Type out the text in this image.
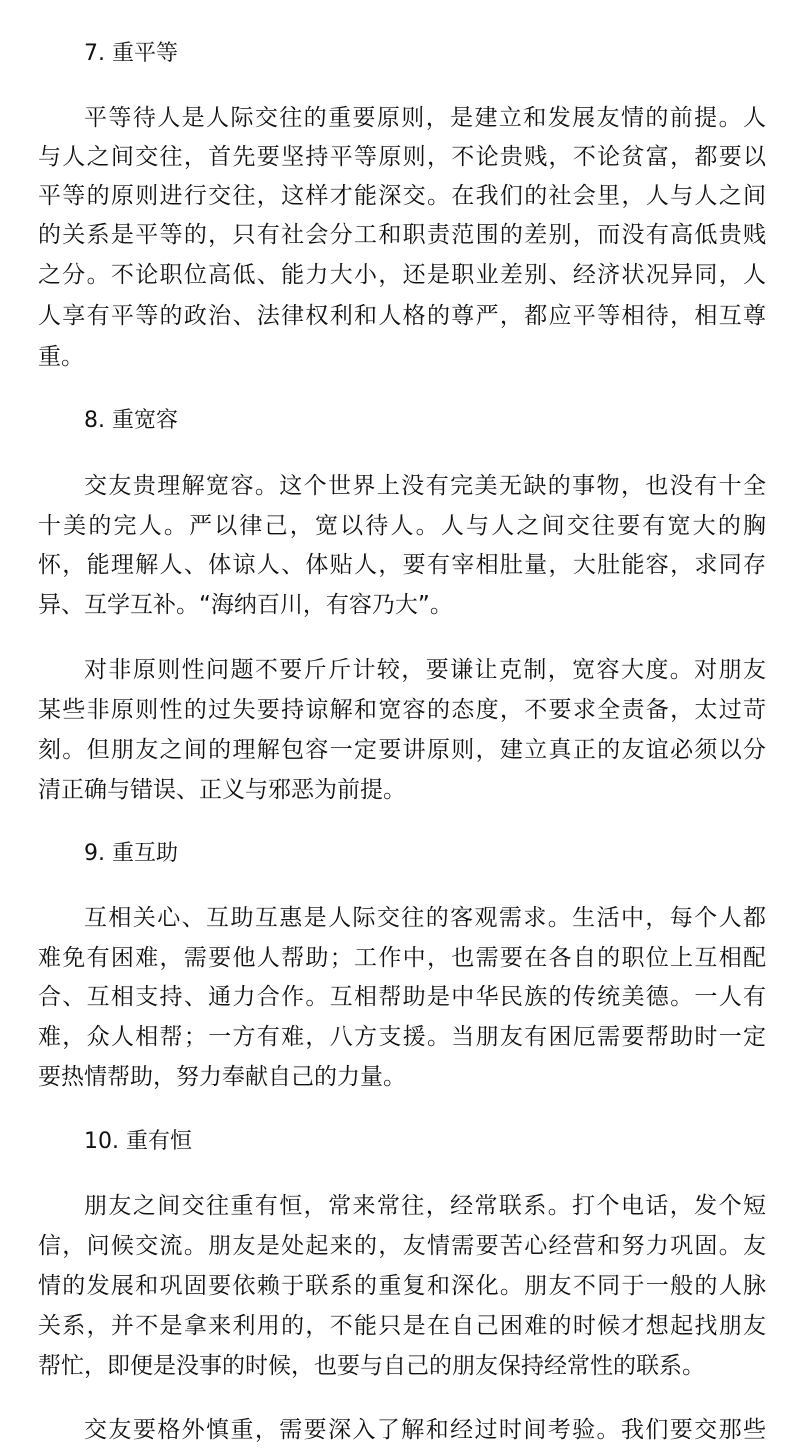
7. 重平等
平等待人是人际交往的重要原则，是建立和发展友情的前提。人
与人之间交往，首先要坚持平等原则，不论贵贱，不论贫富，都要以
平等的原则进行交往，这样才能深交。在我们的社会里，人与人之间
的关系是平等的，只有社会分工和职责范围的差别，而没有高低贵贱
之分。不论职位高低、能力大小，还是职业差别、经济状况异同，人
人享有平等的政治、法律权利和人格的尊严，都应平等相待，相互尊
重。
8. 重宽容
交友贵理解宽容。这个世界上没有完美无缺的事物，也没有十全
十美的完人。严以律己，宽以待人。人与人之间交往要有宽大的胸
怀，能理解人、体谅人、体贴人，要有宰相肚量，大肚能容，求同存
异、互学互补。“海纳百川，有容乃大”。
对非原则性问题不要斤斤计较，要谦让克制，宽容大度。对朋友
某些非原则性的过失要持谅解和宽容的态度，不要求全责备，太过苛
刻。但朋友之间的理解包容一定要讲原则，建立真正的友谊必须以分
清正确与错误、正义与邪恶为前提。
9. 重互助
互相关心、互助互惠是人际交往的客观需求。生活中，每个人都
难免有困难，需要他人帮助；工作中，也需要在各自的职位上互相配
合、互相支持、通力合作。互相帮助是中华民族的传统美德。一人有
难，众人相帮；一方有难，八方支援。当朋友有困厄需要帮助时一定
要热情帮助，努力奉献自己的力量。
10. 重有恒
朋友之间交往重有恒，常来常往，经常联系。打个电话，发个短
信，问候交流。朋友是处起来的，友情需要苦心经营和努力巩固。友
情的发展和巩固要依赖于联系的重复和深化。朋友不同于一般的人脉
关系，并不是拿来利用的，不能只是在自己困难的时候才想起找朋友
帮忙，即便是没事的时候，也要与自己的朋友保持经常性的联系。
交友要格外慎重，需要深入了解和经过时间考验。我们要交那些
